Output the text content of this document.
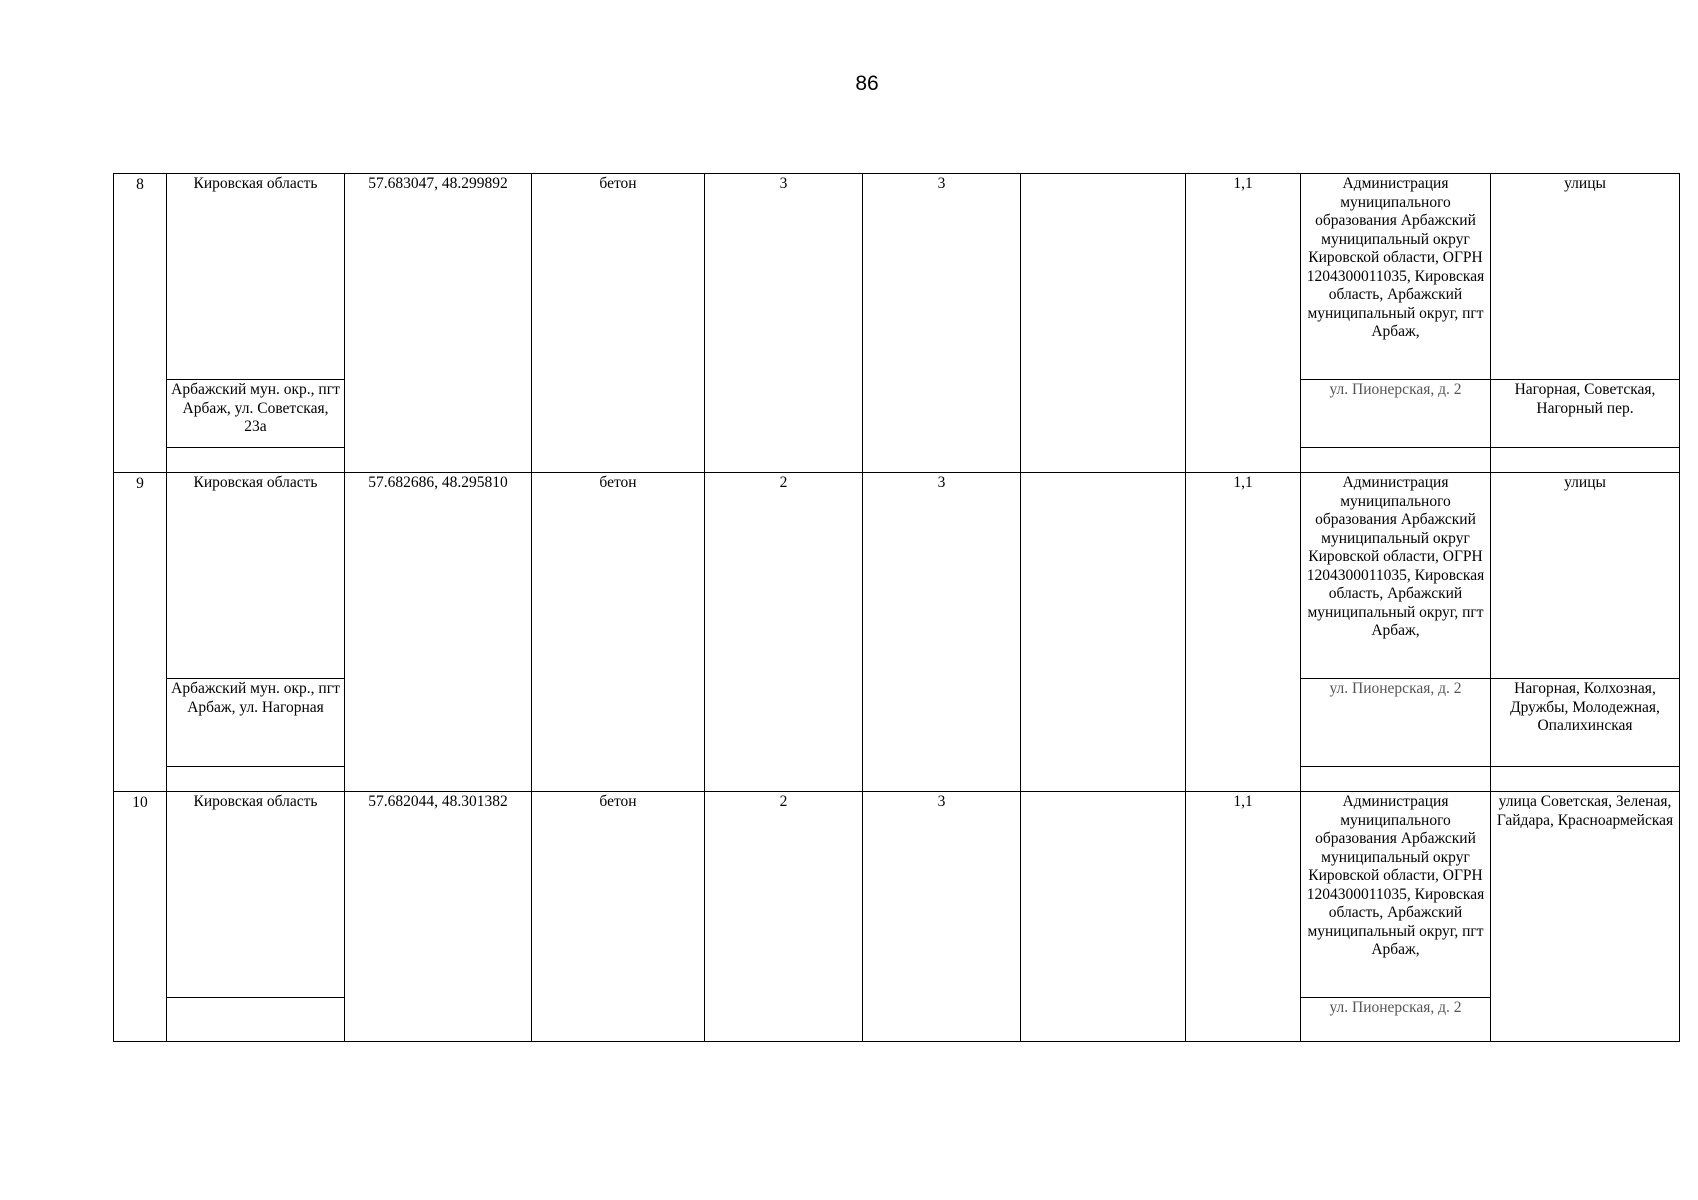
86
8	Кировская область	57.683047, 48.299892	бетон	3	3		1,1	Администрация муниципального образования Арбажский муниципальный округ Кировской области, ОГРН 1204300011035, Кировская область, Арбажский муниципальный округ, пгт Арбаж,	улицы
	Арбажский мун. окр., пгт Арбаж, ул. Советская, 23а							ул. Пионерская, д. 2	Нагорная, Советская, Нагорный пер.

9	Кировская область	57.682686, 48.295810	бетон	2	3		1,1	Администрация муниципального образования Арбажский муниципальный округ Кировской области, ОГРН 1204300011035, Кировская область, Арбажский муниципальный округ, пгт Арбаж,	улицы
	Арбажский мун. окр., пгт Арбаж, ул. Нагорная							ул. Пионерская, д. 2	Нагорная, Колхозная, Дружбы, Молодежная, Опалихинская

10	Кировская область	57.682044, 48.301382	бетон	2	3		1,1	Администрация муниципального образования Арбажский муниципальный округ Кировской области, ОГРН 1204300011035, Кировская область, Арбажский муниципальный округ, пгт Арбаж,	улица Советская, Зеленая, Гайдара, Красноармейская
								ул. Пионерская, д. 2	
